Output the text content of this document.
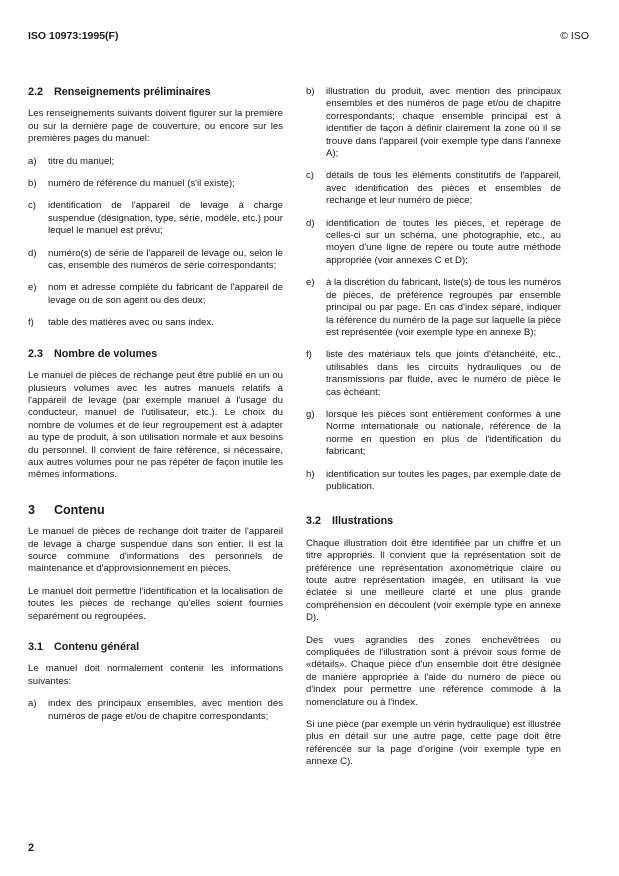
ISO 10973:1995(F)	© ISO
2.2 Renseignements préliminaires

Les renseignements suivants doivent figurer sur la première ou sur la dernière page de couverture, ou encore sur les premières pages du manuel:

a)	titre du manuel;
b)	numéro de référence du manuel (s'il existe);
c)	identification de l'appareil de levage à charge suspendue (désignation, type, série, modèle, etc.) pour lequel le manuel est prévu;
d)	numéro(s) de série de l'appareil de levage ou, selon le cas, ensemble des numéros de série correspondants;
e)	nom et adresse complète du fabricant de l'appareil de levage ou de son agent ou des deux;
f)	table des matières avec ou sans index.
2.3 Nombre de volumes

Le manuel de pièces de rechange peut être publié en un ou plusieurs volumes avec les autres manuels relatifs à l'appareil de levage (par exemple manuel à l'usage du conducteur, manuel de l'utilisateur, etc.). Le choix du nombre de volumes et de leur regroupement est à adapter au type de produit, à son utilisation normale et aux besoins du personnel. Il convient de faire référence, si nécessaire, aux autres volumes pour ne pas répéter de façon inutile les mêmes informations.

3 Contenu

Le manuel de pièces de rechange doit traiter de l'appareil de levage à charge suspendue dans son entier. Il est la source commune d'informations des personnels de maintenance et d'approvisionnement en pièces.

Le manuel doit permettre l'identification et la localisation de toutes les pièces de rechange qu'elles soient fournies séparément ou regroupées.

3.1 Contenu général

Le manuel doit normalement contenir les informations suivantes:

a)	index des principaux ensembles, avec mention des numéros de page et/ou de chapitre correspondants;
b)	illustration du produit, avec mention des principaux ensembles et des numéros de page et/ou de chapitre correspondants; chaque ensemble principal est à identifier de façon à définir clairement la zone où il se trouve dans l'appareil (voir exemple type dans l'annexe A);
c)	détails de tous les éléments constitutifs de l'appareil, avec identification des pièces et ensembles de rechange et leur numéro de pièce;
d)	identification de toutes les pièces, et repérage de celles-ci sur un schéma, une photographie, etc., au moyen d'une ligne de repère ou toute autre méthode appropriée (voir annexes C et D);
e)	à la discrétion du fabricant, liste(s) de tous les numéros de pièces, de préférence regroupés par ensemble principal ou par page. En cas d'index séparé, indiquer la référence du numéro de la page sur laquelle la pièce est représentée (voir exemple type en annexe B);
f)	liste des matériaux tels que joints d'étanchéité, etc., utilisables dans les circuits hydrauliques ou de transmissions par fluide, avec le numéro de pièce le cas échéant;
g)	lorsque les pièces sont entièrement conformes à une Norme internationale ou nationale, référence de la norme en question en plus de l'identification du fabricant;
h)	identification sur toutes les pages, par exemple date de publication.
3.2 Illustrations

Chaque illustration doit être identifiée par un chiffre et un titre appropriés. Il convient que la représentation soit de préférence une représentation axonométrique claire ou toute autre représentation imagée, en utilisant la vue éclatée si une meilleure clarté et une plus grande compréhension en découlent (voir exemple type en annexe D).

Des vues agrandies des zones enchevêtrées ou compliquées de l'illustration sont à prévoir sous forme de «détails». Chaque pièce d'un ensemble doit être désignée de manière appropriée à l'aide du numéro de pièce ou d'index pour permettre une référence commode à la nomenclature ou à l'index.

Si une pièce (par exemple un vérin hydraulique) est illustrée plus en détail sur une autre page, cette page doit être référencée sur la page d'origine (voir exemple type en annexe C).

2
